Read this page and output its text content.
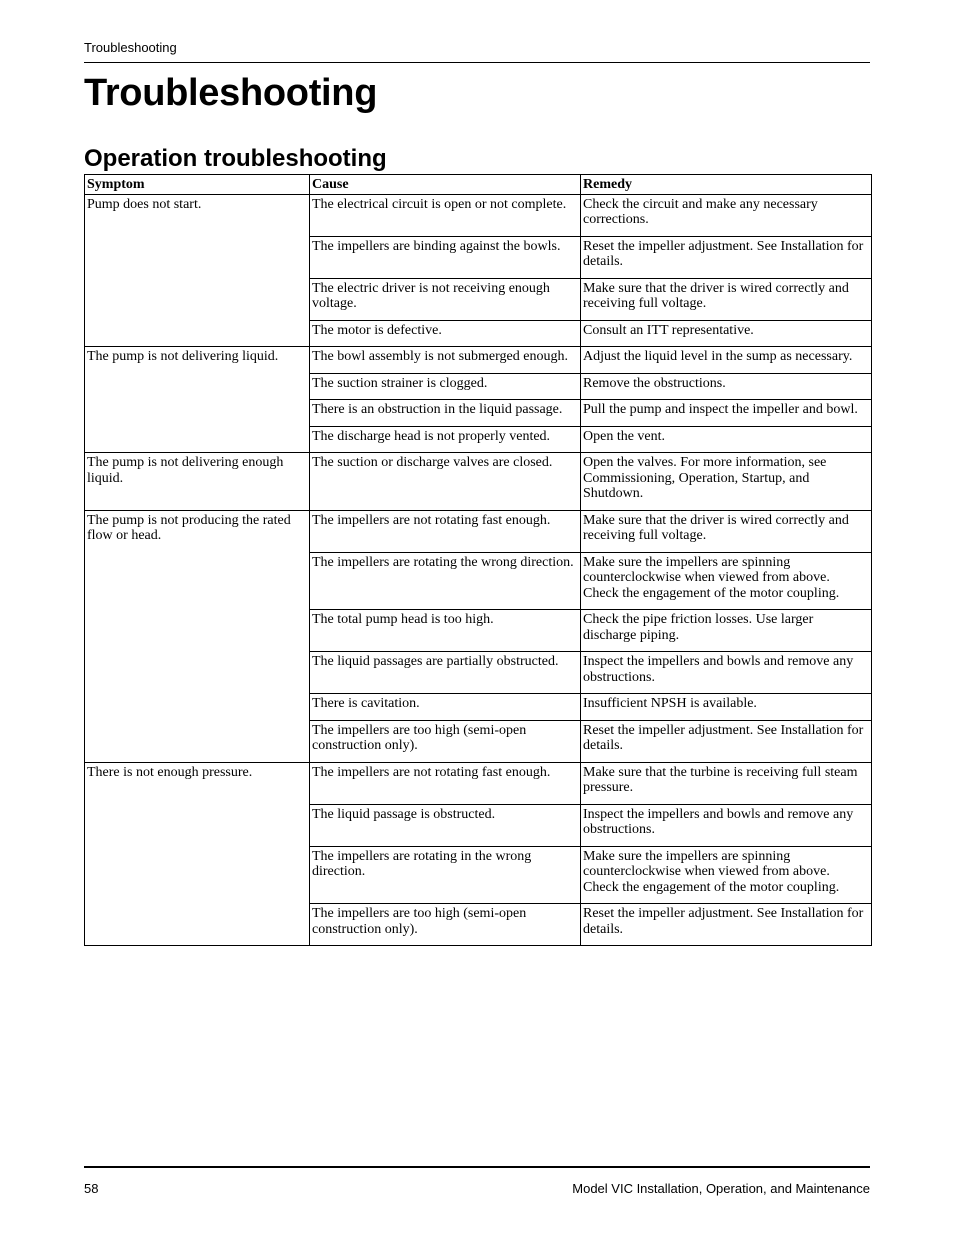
Troubleshooting
Troubleshooting
Operation troubleshooting
Symptom	Cause	Remedy
Pump does not start.	The electrical circuit is open or not complete.	Check the circuit and make any necessary corrections.
	The impellers are binding against the bowls.	Reset the impeller adjustment. See Installation for details.
	The electric driver is not receiving enough voltage.	Make sure that the driver is wired correctly and receiving full voltage.
	The motor is defective.	Consult an ITT representative.
The pump is not delivering liquid.	The bowl assembly is not submerged enough.	Adjust the liquid level in the sump as necessary.
	The suction strainer is clogged.	Remove the obstructions.
	There is an obstruction in the liquid passage.	Pull the pump and inspect the impeller and bowl.
	The discharge head is not properly vented.	Open the vent.
The pump is not delivering enough liquid.	The suction or discharge valves are closed.	Open the valves. For more information, see Commissioning, Operation, Startup, and Shutdown.
The pump is not producing the rated flow or head.	The impellers are not rotating fast enough.	Make sure that the driver is wired correctly and receiving full voltage.
	The impellers are rotating the wrong direction.	Make sure the impellers are spinning counterclockwise when viewed from above. Check the engagement of the motor coupling.
	The total pump head is too high.	Check the pipe friction losses. Use larger discharge piping.
	The liquid passages are partially obstructed.	Inspect the impellers and bowls and remove any obstructions.
	There is cavitation.	Insufficient NPSH is available.
	The impellers are too high (semi-open construction only).	Reset the impeller adjustment. See Installation for details.
There is not enough pressure.	The impellers are not rotating fast enough.	Make sure that the turbine is receiving full steam pressure.
	The liquid passage is obstructed.	Inspect the impellers and bowls and remove any obstructions.
	The impellers are rotating in the wrong direction.	Make sure the impellers are spinning counterclockwise when viewed from above. Check the engagement of the motor coupling.
	The impellers are too high (semi-open construction only).	Reset the impeller adjustment. See Installation for details.
58	Model VIC Installation, Operation, and Maintenance
